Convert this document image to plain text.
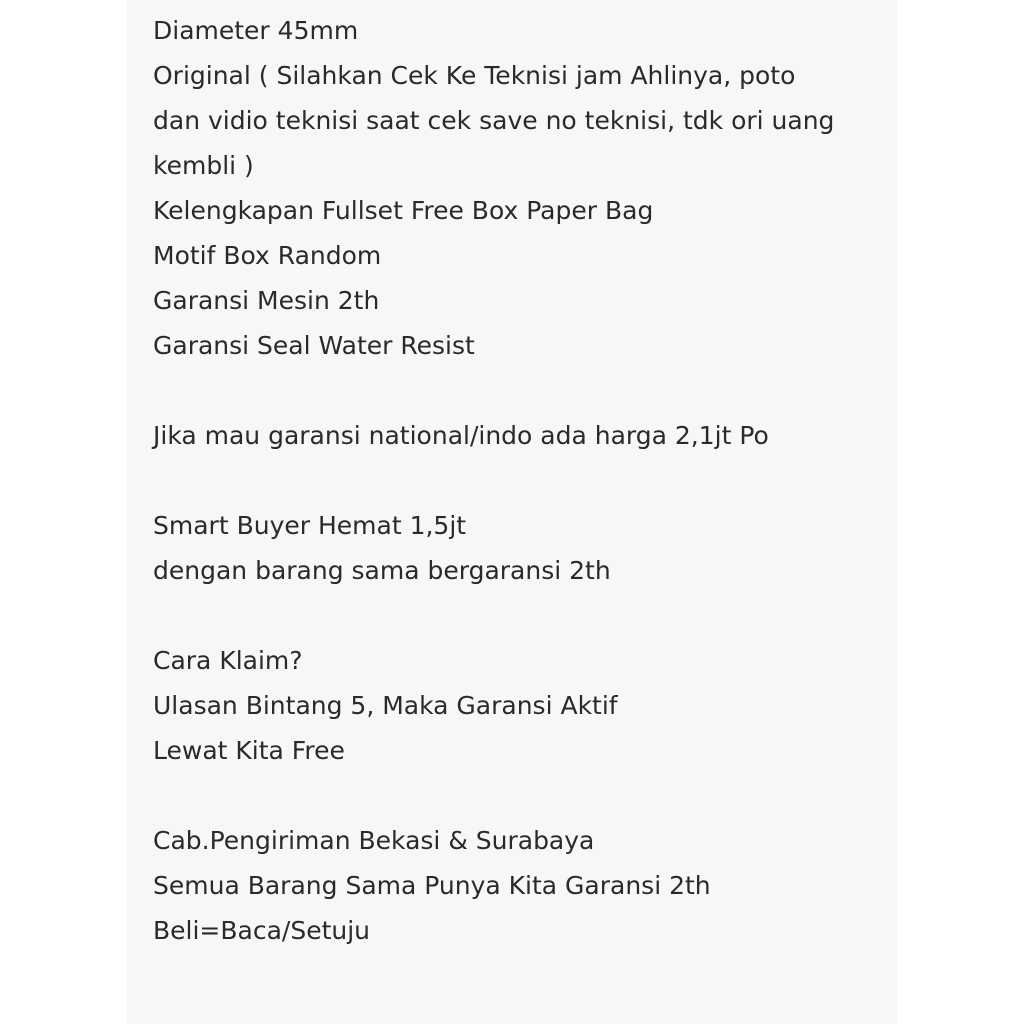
Diameter 45mm
Original ( Silahkan Cek Ke Teknisi jam Ahlinya, poto
dan vidio teknisi saat cek save no teknisi, tdk ori uang
kembli )
Kelengkapan Fullset Free Box Paper Bag
Motif Box Random
Garansi Mesin 2th
Garansi Seal Water Resist
Jika mau garansi national/indo ada harga 2,1jt Po
Smart Buyer Hemat 1,5jt
dengan barang sama bergaransi 2th
Cara Klaim?
Ulasan Bintang 5, Maka Garansi Aktif
Lewat Kita Free
Cab.Pengiriman Bekasi & Surabaya
Semua Barang Sama Punya Kita Garansi 2th
Beli=Baca/Setuju
